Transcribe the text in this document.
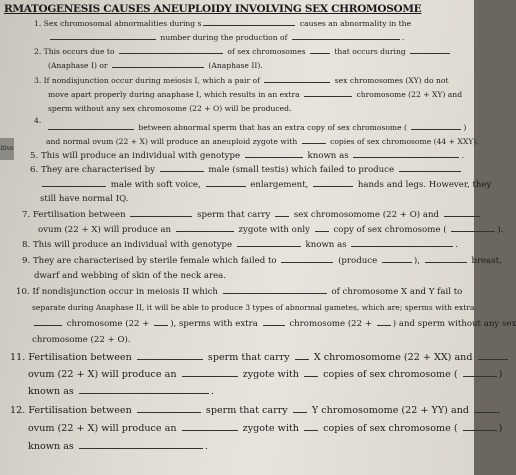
itive
RMATOGENESIS CAUSES ANEUPLOIDY INVOLVING SEX CHROMOSOME
1. Sex chromosomal abnormalities during s	causes an abnormality in the
number during the production of	.
2. This occurs due to	of sex chromosomes	that occurs during
(Anaphase I) or	(Anaphase II).
3. If nondisjunction occur during meiosis I, which a pair of	sex chromosomes (XY) do not
move apart properly during anaphase I, which results in an extra	chromosome (22 + XY) and
sperm without any sex chromosome (22 + O) will be produced.
4.
between abnormal sperm that has an extra copy of sex chromosome (	)
and normal ovum (22 + X) will produce an aneuploid zygote with	copies of sex chromosome (44 + XXY).
5. This will produce an individual with genotype	known as	.
6. They are characterised by	male (small testis) which failed to produce
male with soft voice,	enlargement,	hands and legs. However, they
still have normal IQ.
7. Fertilisation between	sperm that carry	sex chromosomome (22 + O) and
ovum (22 + X) will produce an	zygote with only	copy of sex chromosome (	).
8. This will produce an individual with genotype	known as	.
9. They are characterised by sterile female which failed to	(produce	),	breast,
dwarf and webbing of skin of the neck area.
10. If nondisjunction occur in meiosis II which	of chromosome X and Y fail to
separate during Anaphase II, it will be able to produce 3 types of abnormal gametes, which are; sperms with extra
chromosome (22 + ), sperms with extra	chromosome (22 + ) and sperm without any sex
chromosome (22 + O).
11. Fertilisation between	sperm that carry	X chromosomome (22 + XX) and
ovum (22 + X) will produce an	zygote with	copies of sex chromosome (	)
known as	.
12. Fertilisation between	sperm that carry	Y chromosomome (22 + YY) and
ovum (22 + X) will produce an	zygote with	copies of sex chromosome (	)
known as	.
